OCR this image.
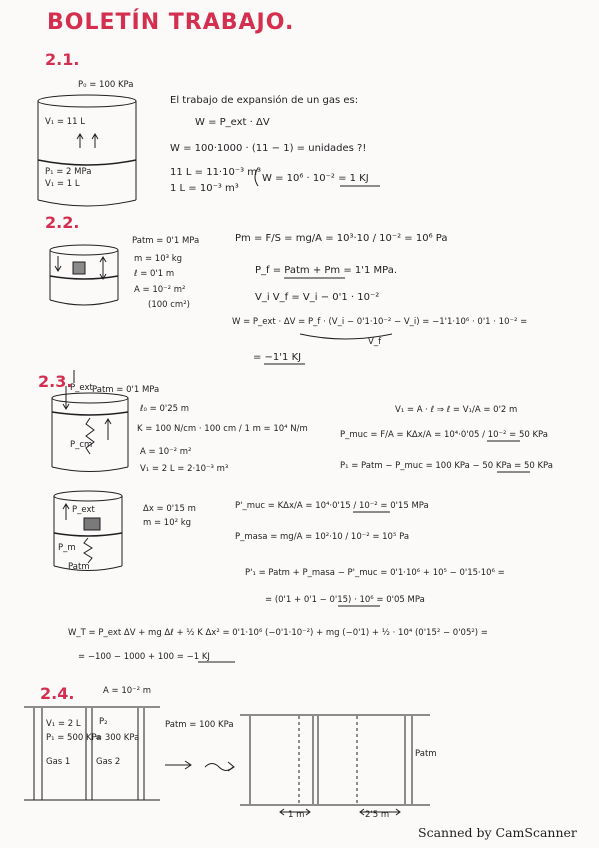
BOLETÍN TRABAJO.
2.1.
P₀ = 100 KPa
V₁ = 11 L
P₁ = 2 MPa
V₁ = 1 L
El trabajo de expansión de un gas es:
W = P_ext · ΔV
W = 100·1000 · (11 − 1) = unidades ?!
11 L = 11·10⁻³ m³
1 L = 10⁻³ m³
W = 10⁶ · 10⁻² = 1 KJ
2.2.
Patm = 0'1 MPa
m = 10³ kg
ℓ = 0'1 m
A = 10⁻² m²
(100 cm²)
Pm = F/S = mg/A = 10³·10 / 10⁻² = 10⁶ Pa
P_f = Patm + Pm = 1'1 MPa.
V_i V_f = V_i − 0'1 · 10⁻²
W = P_ext · ΔV = P_f · (V_i − 0'1·10⁻² − V_i) = −1'1·10⁶ · 0'1 · 10⁻² =
V_f
= −1'1 KJ
2.3. Patm = 0'1 MPa
P_ext
P_cm
ℓ₀ = 0'25 m
K = 100 N/cm · 100 cm / 1 m = 10⁴ N/m
A = 10⁻² m²
V₁ = 2 L = 2·10⁻³ m³
V₁ = A · ℓ ⇒ ℓ = V₁/A = 0'2 m
P_muc = F/A = KΔx/A = 10⁴·0'05 / 10⁻² = 50 KPa
P₁ = Patm − P_muc = 100 KPa − 50 KPa = 50 KPa
Δx = 0'15 m
m = 10² kg
P_ext
P_m
Patm
P'_muc = KΔx/A = 10⁴·0'15 / 10⁻² = 0'15 MPa
P_masa = mg/A = 10²·10 / 10⁻² = 10⁵ Pa
P'₁ = Patm + P_masa − P'_muc = 0'1·10⁶ + 10⁵ − 0'15·10⁶ =
= (0'1 + 0'1 − 0'15) · 10⁶ = 0'05 MPa
W_T = P_ext ΔV + mg Δℓ + ½ K Δx² = 0'1·10⁶ (−0'1·10⁻²) + mg (−0'1) + ½ · 10⁴ (0'15² − 0'05²) =
= −100 − 1000 + 100 = −1 KJ
2.4.	A = 10⁻² m
V₁ = 2 L
P₁ = 500 KPa
Gas 1
P₂
= 300 KPa
Gas 2
Patm = 100 KPa
Patm
1 m	2'5 m
Scanned by CamScanner
